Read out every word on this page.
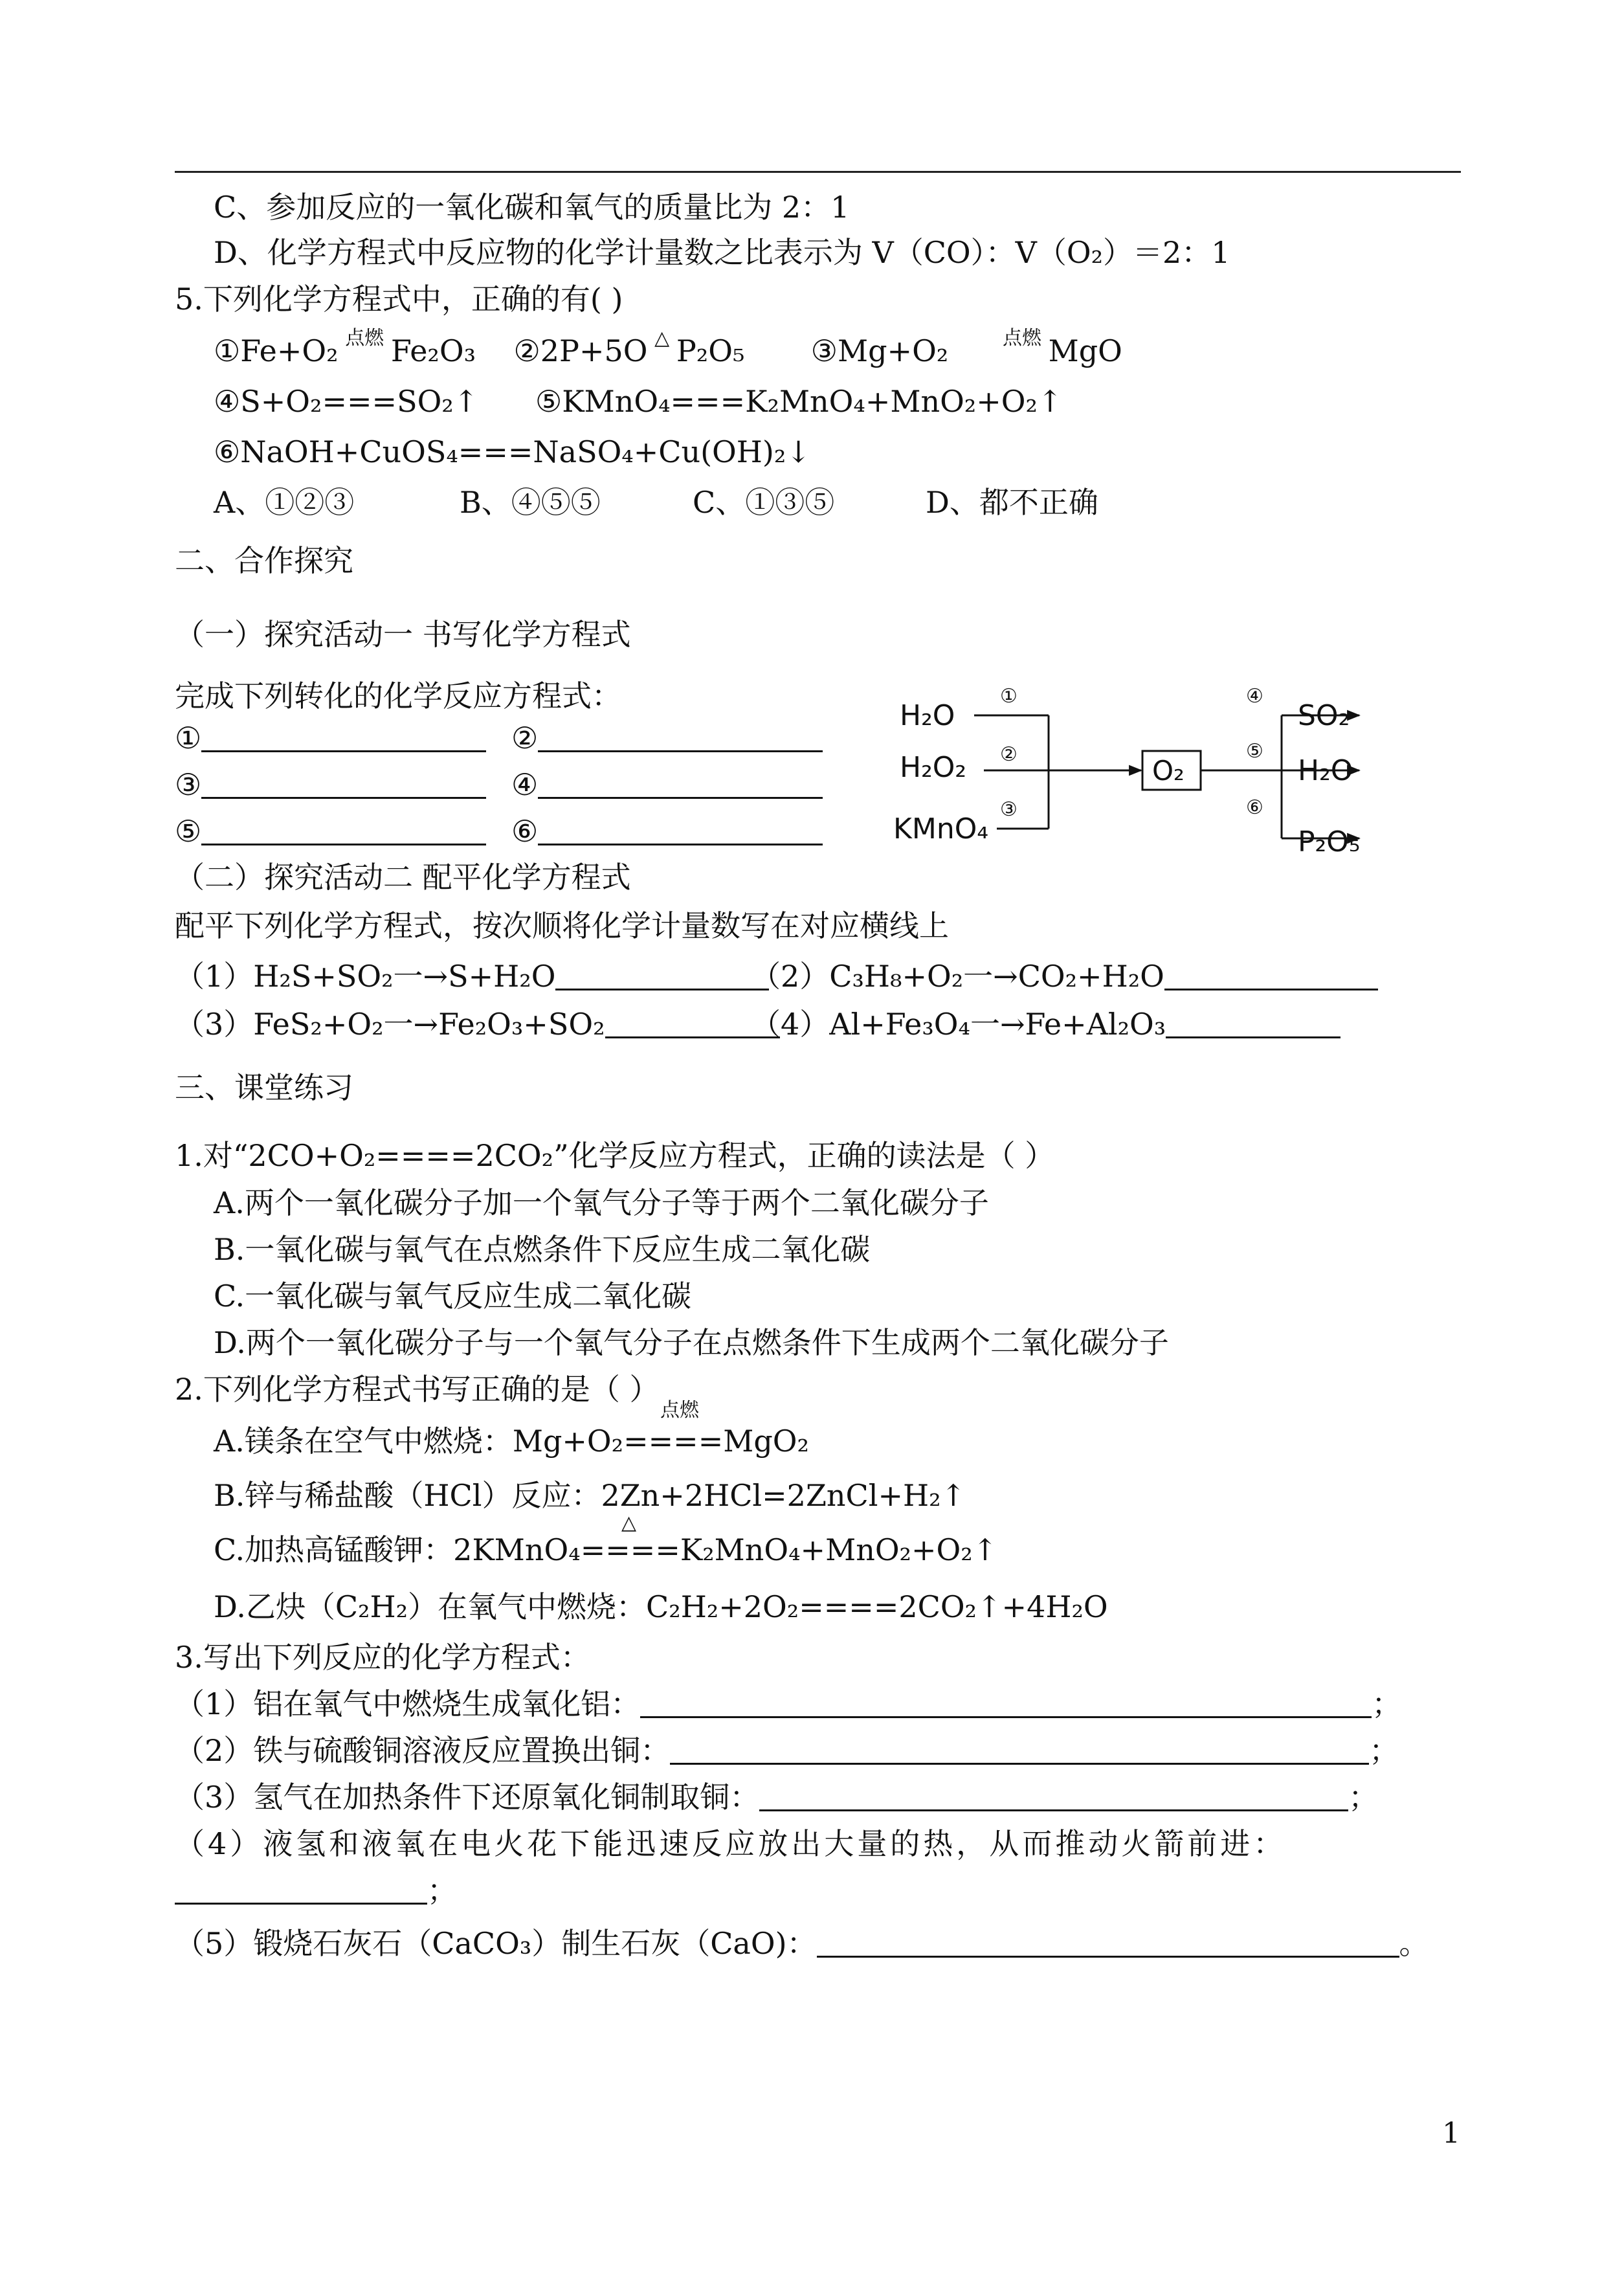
C、参加反应的一氧化碳和氧气的质量比为 2：1
D、化学方程式中反应物的化学计量数之比表示为 V（CO）：V（O₂）＝2：1
5.下列化学方程式中，正确的有( )
①Fe+O₂ 点燃 Fe₂O₃ ②2P+5O △ P₂O₅ ③Mg+O₂	点燃 MgO
④S+O₂===SO₂↑ ⑤KMnO₄===K₂MnO₄+MnO₂+O₂↑
⑥NaOH+CuOS₄===NaSO₄+Cu(OH)₂↓
A、①②③	B、④⑤⑤	C、①③⑤	D、都不正确
二、合作探究
（一）探究活动一 书写化学方程式
完成下列转化的化学反应方程式：
①	②
③	④
⑤	⑥
H₂O
H₂O₂
KMnO₄
①
②
③
O₂
④
⑤
⑥
SO₂
H₂O
P₂O₅
（二）探究活动二 配平化学方程式
配平下列化学方程式，按次顺将化学计量数写在对应横线上
（1）H₂S+SO₂一→S+H₂O	（2）C₃H₈+O₂一→CO₂+H₂O
（3）FeS₂+O₂一→Fe₂O₃+SO₂	（4）Al+Fe₃O₄一→Fe+Al₂O₃
三、课堂练习
1.对“2CO+O₂====2CO₂”化学反应方程式，正确的读法是（ ）
A.两个一氧化碳分子加一个氧气分子等于两个二氧化碳分子
B.一氧化碳与氧气在点燃条件下反应生成二氧化碳
C.一氧化碳与氧气反应生成二氧化碳
D.两个一氧化碳分子与一个氧气分子在点燃条件下生成两个二氧化碳分子
2.下列化学方程式书写正确的是（ ）
点燃
A.镁条在空气中燃烧：Mg+O₂====MgO₂
B.锌与稀盐酸（HCl）反应：2Zn+2HCl=2ZnCl+H₂↑
△
C.加热高锰酸钾：2KMnO₄====K₂MnO₄+MnO₂+O₂↑
D.乙炔（C₂H₂）在氧气中燃烧：C₂H₂+2O₂====2CO₂↑+4H₂O
3.写出下列反应的化学方程式：
（1）铝在氧气中燃烧生成氧化铝：	；
（2）铁与硫酸铜溶液反应置换出铜：	；
（3）氢气在加热条件下还原氧化铜制取铜：	；
（4）液氢和液氧在电火花下能迅速反应放出大量的热，从而推动火箭前进：
；
（5）锻烧石灰石（CaCO₃）制生石灰（CaO)：	。
1
